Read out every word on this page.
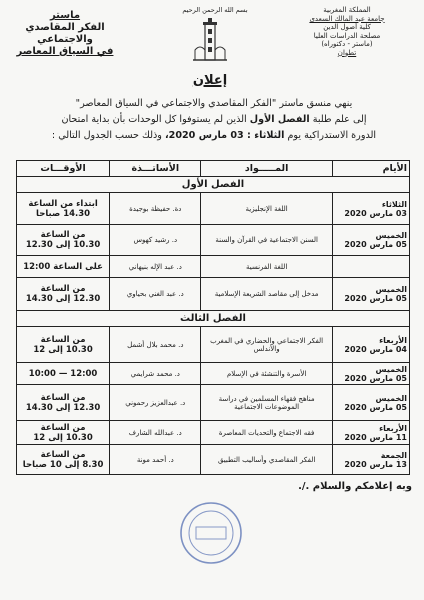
بسم الله الرحمن الرحيم	المملكة المغربية
جامعة عبد المالك السعدي
كلية أصول الدين
مصلحة الدراسات العليا
(ماستر - دكتوراه)
تطوان
ماستر
الفكر المقاصدي والاجتماعي
في السياق المعاصر
إعلان
ينهي منسق ماستر "الفكر المقاصدي والاجتماعي في السياق المعاصر"
إلى علم طلبة الفصل الأول الذين لم يستوفوا كل الوحدات بأن بداية امتحان
الدورة الاستدراكية يوم الثلاثاء : 03 مارس 2020، وذلك حسب الجدول التالي :
الأيام	المـــــواد	الأساتـــذة	الأوقـــات
الفصل الأول			

الثلاثاء
03 مارس 2020	اللغة الإنجليزية	دة. حفيظة بوجيدة	ابتداء من الساعة
14.30 صباحا

الخميس
05 مارس 2020	السنن الاجتماعية في القرآن والسنة	د. رشيد كهوس	من الساعة
10.30 إلى 12.30

	اللغة الفرنسية	د. عبد الإله بنيهاني	على الساعة 12:00

الخميس
05 مارس 2020	مدخل إلى مقاصد الشريعة الإسلامية	د. عبد الغني بحياوي	من الساعة
12.30 إلى 14.30

الفصل الثالث			

الأربعاء
04 مارس 2020	الفكر الاجتماعي والحضاري في المغرب والأندلس	د. محمد بلال أشمل	من الساعة
10.30 إلى 12

الخميس
05 مارس 2020	الأسرة والتنشئة في الإسلام	د. محمد شرايمي	12:00 — 10:00

الخميس
05 مارس 2020	مناهج فقهاء المسلمين في دراسة الموضوعات الاجتماعية	د. عبدالعزيز رحموني	من الساعة
12.30 إلى 14.30

الأربعاء
11 مارس 2020	فقه الاجتماع والتحديات المعاصرة	د. عبدالله الشارف	من الساعة
10.30 إلى 12

الجمعة
13 مارس 2020	الفكر المقاصدي وأساليب التطبيق	د. أحمد مونة	من الساعة
8.30 إلى 10 صباحا
وبه إعلامكم والسلام ./.
